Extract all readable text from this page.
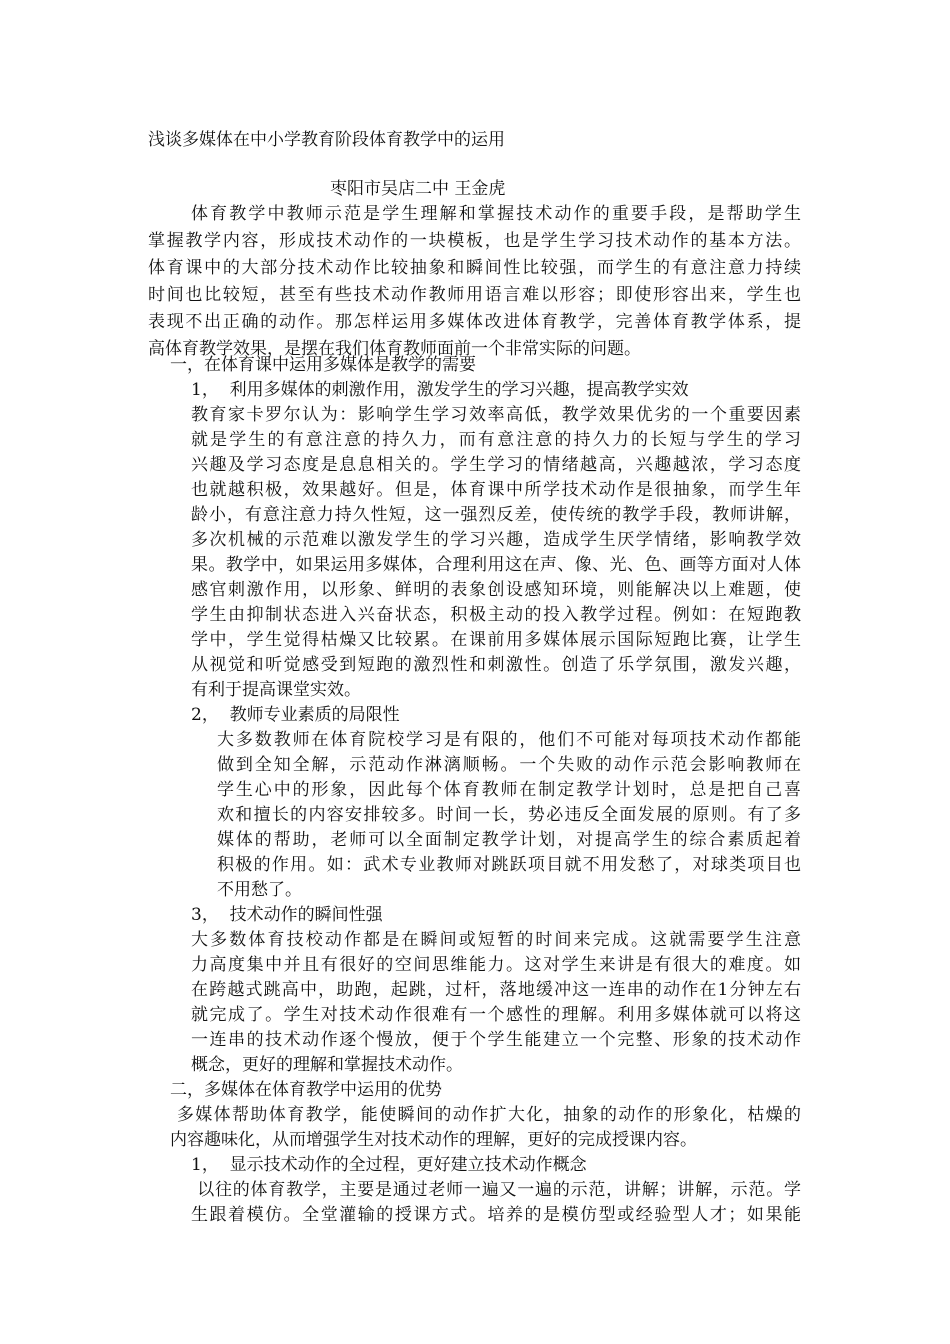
浅谈多媒体在中小学教育阶段体育教学中的运用
枣阳市吴店二中 王金虎
体育教学中教师示范是学生理解和掌握技术动作的重要手段，是帮助学生
掌握教学内容，形成技术动作的一块模板，也是学生学习技术动作的基本方法。
体育课中的大部分技术动作比较抽象和瞬间性比较强，而学生的有意注意力持续
时间也比较短，甚至有些技术动作教师用语言难以形容；即使形容出来，学生也
表现不出正确的动作。那怎样运用多媒体改进体育教学，完善体育教学体系，提
高体育教学效果，是摆在我们体育教师面前一个非常实际的问题。
一，在体育课中运用多媒体是教学的需要
1，  利用多媒体的刺激作用，激发学生的学习兴趣，提高教学实效
教育家卡罗尔认为：影响学生学习效率高低，教学效果优劣的一个重要因素
就是学生的有意注意的持久力，而有意注意的持久力的长短与学生的学习
兴趣及学习态度是息息相关的。学生学习的情绪越高，兴趣越浓，学习态度
也就越积极，效果越好。但是，体育课中所学技术动作是很抽象，而学生年
龄小，有意注意力持久性短，这一强烈反差，使传统的教学手段，教师讲解，
多次机械的示范难以激发学生的学习兴趣，造成学生厌学情绪，影响教学效
果。教学中，如果运用多媒体，合理利用这在声、像、光、色、画等方面对人体
感官刺激作用，以形象、鲜明的表象创设感知环境，则能解决以上难题，使
学生由抑制状态进入兴奋状态，积极主动的投入教学过程。例如：在短跑教
学中，学生觉得枯燥又比较累。在课前用多媒体展示国际短跑比赛，让学生
从视觉和听觉感受到短跑的激烈性和刺激性。创造了乐学氛围，激发兴趣，
有利于提高课堂实效。
2，  教师专业素质的局限性
大多数教师在体育院校学习是有限的，他们不可能对每项技术动作都能
做到全知全解，示范动作淋漓顺畅。一个失败的动作示范会影响教师在
学生心中的形象，因此每个体育教师在制定教学计划时，总是把自己喜
欢和擅长的内容安排较多。时间一长，势必违反全面发展的原则。有了多
媒体的帮助，老师可以全面制定教学计划，对提高学生的综合素质起着
积极的作用。如：武术专业教师对跳跃项目就不用发愁了，对球类项目也
不用愁了。
3，  技术动作的瞬间性强
大多数体育技校动作都是在瞬间或短暂的时间来完成。这就需要学生注意
力高度集中并且有很好的空间思维能力。这对学生来讲是有很大的难度。如
在跨越式跳高中，助跑，起跳，过杆，落地缓冲这一连串的动作在1分钟左右
就完成了。学生对技术动作很难有一个感性的理解。利用多媒体就可以将这
一连串的技术动作逐个慢放，便于个学生能建立一个完整、形象的技术动作
概念，更好的理解和掌握技术动作。
二，多媒体在体育教学中运用的优势
多媒体帮助体育教学，能使瞬间的动作扩大化，抽象的动作的形象化，枯燥的
内容趣味化，从而增强学生对技术动作的理解，更好的完成授课内容。
1，  显示技术动作的全过程，更好建立技术动作概念
以往的体育教学，主要是通过老师一遍又一遍的示范，讲解；讲解，示范。学
生跟着模仿。全堂灌输的授课方式。培养的是模仿型或经验型人才；如果能
